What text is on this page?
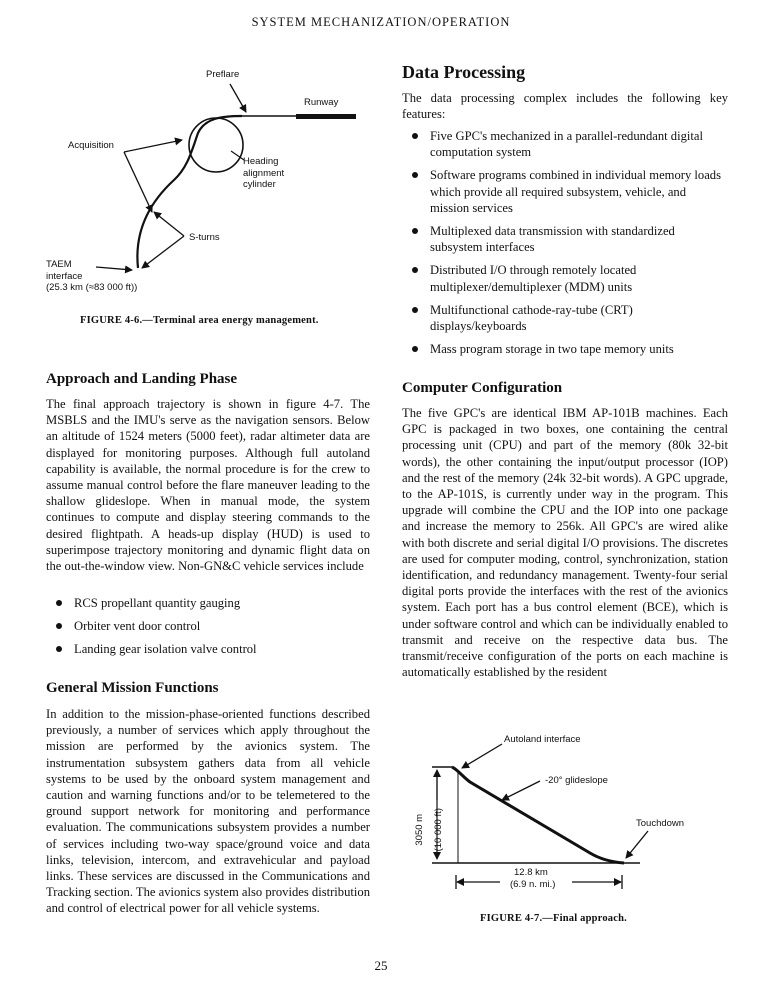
SYSTEM MECHANIZATION/OPERATION
Preflare
Runway
Acquisition
Heading
alignment
cylinder
S-turns
TAEM
interface
(25.3 km (≈83 000 ft))
FIGURE 4-6.—Terminal area energy management.
Approach and Landing Phase

The final approach trajectory is shown in figure 4-7. The MSBLS and the IMU's serve as the navigation sensors. Below an altitude of 1524 meters (5000 feet), radar altimeter data are displayed for monitoring purposes. Although full autoland capability is available, the normal procedure is for the crew to assume manual control before the flare maneuver leading to the shallow glideslope. When in manual mode, the system continues to compute and display steering commands to the desired flightpath. A heads-up display (HUD) is used to superimpose trajectory monitoring and dynamic flight data on the out-the-window view. Non-GN&C vehicle services include

RCS propellant quantity gauging
Orbiter vent door control
Landing gear isolation valve control
General Mission Functions

In addition to the mission-phase-oriented functions described previously, a number of services which apply throughout the mission are performed by the avionics system. The instrumentation subsystem gathers data from all vehicle systems to be used by the onboard system management and caution and warning functions and/or to be telemetered to the ground support network for monitoring and performance evaluation. The communications subsystem provides a number of services including two-way space/ground voice and data links, television, intercom, and extravehicular and payload links. These services are discussed in the Communications and Tracking section. The avionics system also provides distribution and control of electrical power for all vehicle systems.

Data Processing

The data processing complex includes the following key features:

Five GPC's mechanized in a parallel-redundant digital computation system
Software programs combined in individual memory loads which provide all required subsystem, vehicle, and mission services
Multiplexed data transmission with standardized subsystem interfaces
Distributed I/O through remotely located multiplexer/demultiplexer (MDM) units
Multifunctional cathode-ray-tube (CRT) displays/keyboards
Mass program storage in two tape memory units
Computer Configuration

The five GPC's are identical IBM AP-101B machines. Each GPC is packaged in two boxes, one containing the central processing unit (CPU) and part of the memory (80k 32-bit words), the other containing the input/output processor (IOP) and the rest of the memory (24k 32-bit words). A GPC upgrade, to the AP-101S, is currently under way in the program. This upgrade will combine the CPU and the IOP into one package and increase the memory to 256k. All GPC's are wired alike with both discrete and serial digital I/O provisions. The discretes are used for computer moding, control, synchronization, station identification, and redundancy management. Twenty-four serial digital ports provide the interfaces with the rest of the avionics system. Each port has a bus control element (BCE), which is under software control and which can be individually enabled to transmit and receive on the respective data bus. The transmit/receive configuration of the ports on each machine is automatically established by the resident

Autoland interface
-20° glideslope
Touchdown
3050 m (10 000 ft)
12.8 km
(6.9 n. mi.)
FIGURE 4-7.—Final approach.
25
